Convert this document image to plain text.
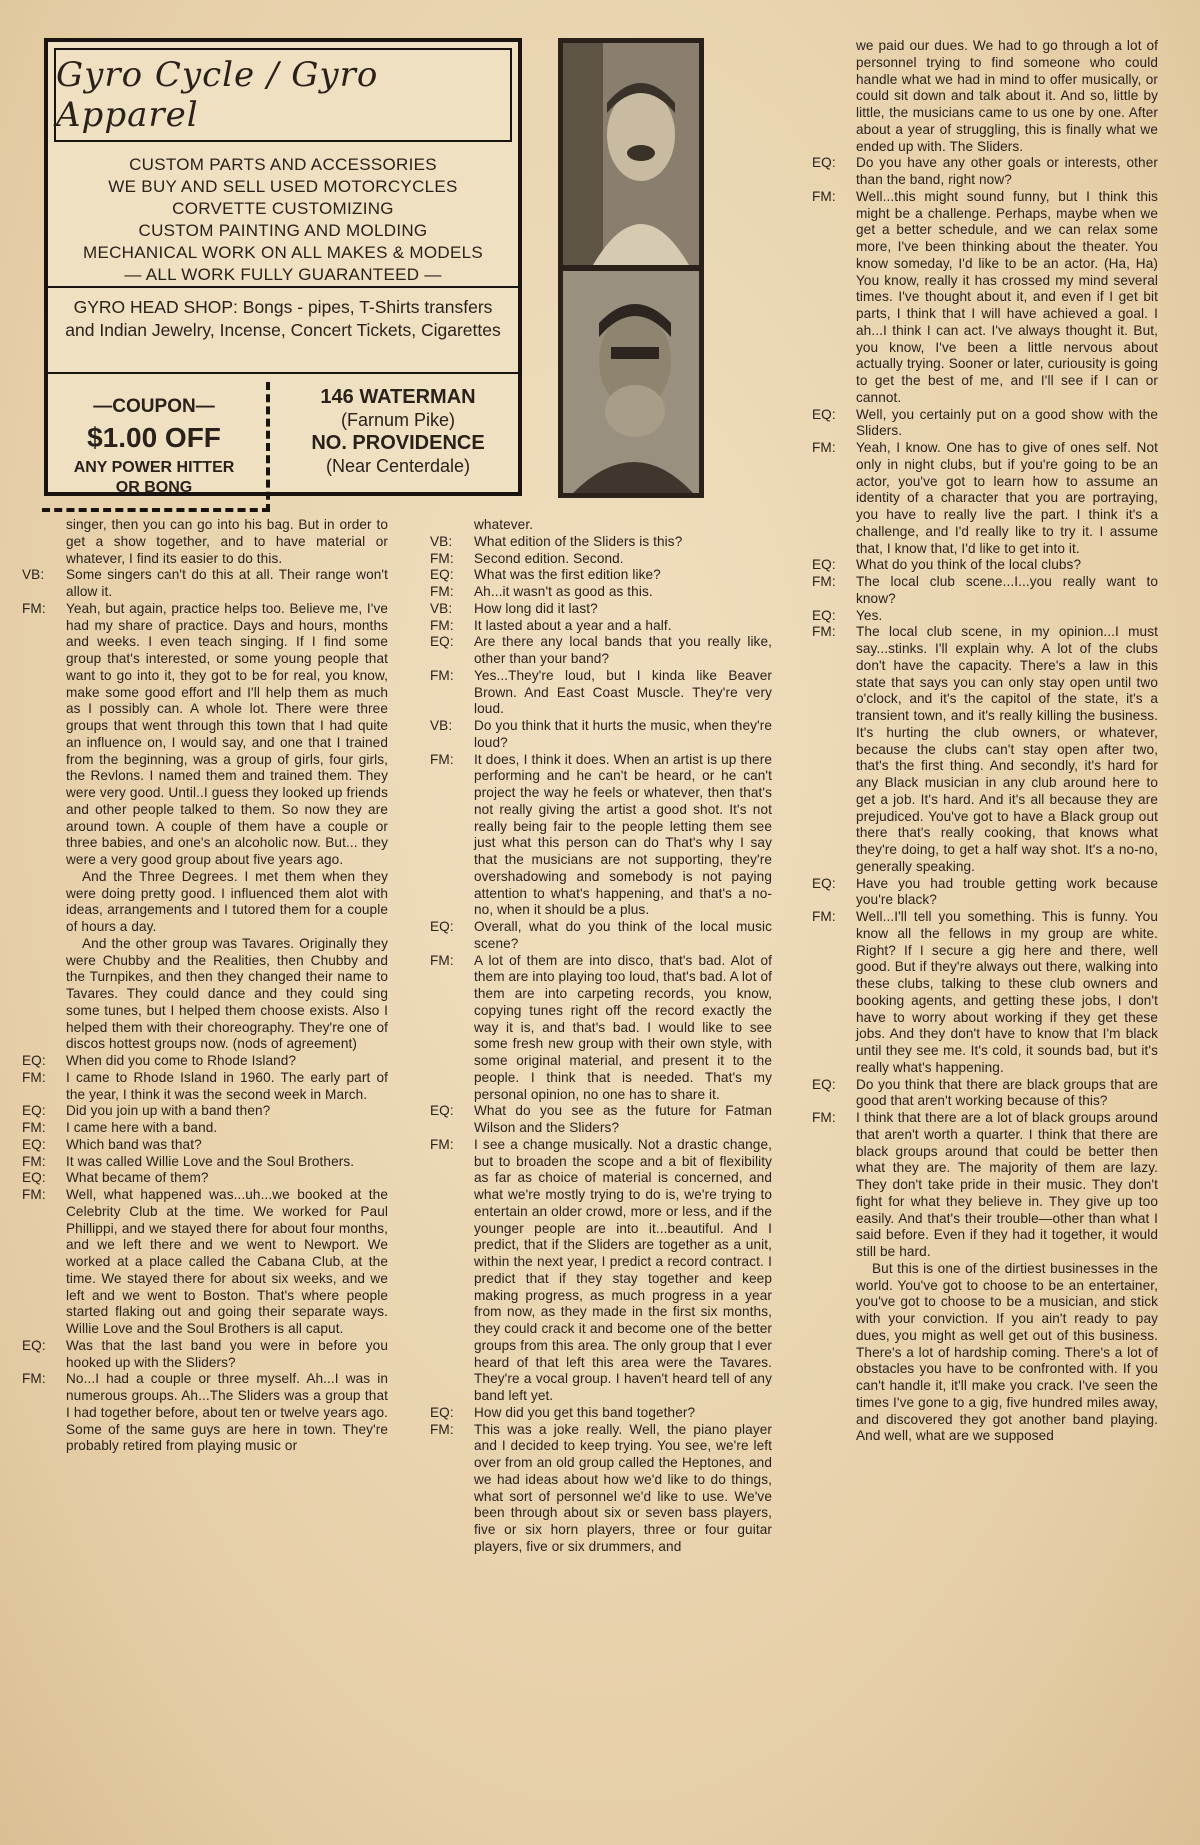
Gyro Cycle / Gyro Apparel
CUSTOM PARTS AND ACCESSORIES
WE BUY AND SELL USED MOTORCYCLES
CORVETTE CUSTOMIZING
CUSTOM PAINTING AND MOLDING
MECHANICAL WORK ON ALL MAKES & MODELS
— ALL WORK FULLY GUARANTEED —
GYRO HEAD SHOP: Bongs - pipes, T-Shirts transfers and Indian Jewelry, Incense, Concert Tickets, Cigarettes
—COUPON—
$1.00 OFF
ANY POWER HITTER
OR BONG
146 WATERMAN
(Farnum Pike)
NO. PROVIDENCE
(Near Centerdale)

singer, then you can go into his bag. But in order to get a show together, and to have material or whatever, I find its easier to do this.

VB:	Some singers can't do this at all. Their range won't allow it.

FM:	Yeah, but again, practice helps too. Believe me, I've had my share of practice. Days and hours, months and weeks. I even teach singing. If I find some group that's interested, or some young people that want to go into it, they got to be for real, you know, make some good effort and I'll help them as much as I possibly can. A whole lot. There were three groups that went through this town that I had quite an influence on, I would say, and one that I trained from the beginning, was a group of girls, four girls, the Revlons. I named them and trained them. They were very good. Until..I guess they looked up friends and other people talked to them. So now they are around town. A couple of them have a couple or three babies, and one's an alcoholic now. But... they were a very good group about five years ago.

And the Three Degrees. I met them when they were doing pretty good. I influenced them alot with ideas, arrangements and I tutored them for a couple of hours a day.

And the other group was Tavares. Originally they were Chubby and the Realities, then Chubby and the Turnpikes, and then they changed their name to Tavares. They could dance and they could sing some tunes, but I helped them choose exists. Also I helped them with their choreography. They're one of discos hottest groups now. (nods of agreement)

EQ:	When did you come to Rhode Island?

FM:	I came to Rhode Island in 1960. The early part of the year, I think it was the second week in March.

EQ:	Did you join up with a band then?

FM:	I came here with a band.

EQ:	Which band was that?

FM:	It was called Willie Love and the Soul Brothers.

EQ:	What became of them?

FM:	Well, what happened was...uh...we booked at the Celebrity Club at the time. We worked for Paul Phillippi, and we stayed there for about four months, and we left there and we went to Newport. We worked at a place called the Cabana Club, at the time. We stayed there for about six weeks, and we left and we went to Boston. That's where people started flaking out and going their separate ways. Willie Love and the Soul Brothers is all caput.

EQ:	Was that the last band you were in before you hooked up with the Sliders?

FM:	No...I had a couple or three myself. Ah...I was in numerous groups. Ah...The Sliders was a group that I had together before, about ten or twelve years ago. Some of the same guys are here in town. They're probably retired from playing music or

whatever.

VB:	What edition of the Sliders is this?

FM:	Second edition. Second.

EQ:	What was the first edition like?

FM:	Ah...it wasn't as good as this.

VB:	How long did it last?

FM:	It lasted about a year and a half.

EQ:	Are there any local bands that you really like, other than your band?

FM:	Yes...They're loud, but I kinda like Beaver Brown. And East Coast Muscle. They're very loud.

VB:	Do you think that it hurts the music, when they're loud?

FM:	It does, I think it does. When an artist is up there performing and he can't be heard, or he can't project the way he feels or whatever, then that's not really giving the artist a good shot. It's not really being fair to the people letting them see just what this person can do That's why I say that the musicians are not supporting, they're overshadowing and somebody is not paying attention to what's happening, and that's a no-no, when it should be a plus.

EQ:	Overall, what do you think of the local music scene?

FM:	A lot of them are into disco, that's bad. Alot of them are into playing too loud, that's bad. A lot of them are into carpeting records, you know, copying tunes right off the record exactly the way it is, and that's bad. I would like to see some fresh new group with their own style, with some original material, and present it to the people. I think that is needed. That's my personal opinion, no one has to share it.

EQ:	What do you see as the future for Fatman Wilson and the Sliders?

FM:	I see a change musically. Not a drastic change, but to broaden the scope and a bit of flexibility as far as choice of material is concerned, and what we're mostly trying to do is, we're trying to entertain an older crowd, more or less, and if the younger people are into it...beautiful. And I predict, that if the Sliders are together as a unit, within the next year, I predict a record contract. I predict that if they stay together and keep making progress, as much progress in a year from now, as they made in the first six months, they could crack it and become one of the better groups from this area. The only group that I ever heard of that left this area were the Tavares. They're a vocal group. I haven't heard tell of any band left yet.

EQ:	How did you get this band together?

FM:	This was a joke really. Well, the piano player and I decided to keep trying. You see, we're left over from an old group called the Heptones, and we had ideas about how we'd like to do things, what sort of personnel we'd like to use. We've been through about six or seven bass players, five or six horn players, three or four guitar players, five or six drummers, and

we paid our dues. We had to go through a lot of personnel trying to find someone who could handle what we had in mind to offer musically, or could sit down and talk about it. And so, little by little, the musicians came to us one by one. After about a year of struggling, this is finally what we ended up with. The Sliders.

EQ:	Do you have any other goals or interests, other than the band, right now?

FM:	Well...this might sound funny, but I think this might be a challenge. Perhaps, maybe when we get a better schedule, and we can relax some more, I've been thinking about the theater. You know someday, I'd like to be an actor. (Ha, Ha) You know, really it has crossed my mind several times. I've thought about it, and even if I get bit parts, I think that I will have achieved a goal. I ah...I think I can act. I've always thought it. But, you know, I've been a little nervous about actually trying. Sooner or later, curiousity is going to get the best of me, and I'll see if I can or cannot.

EQ:	Well, you certainly put on a good show with the Sliders.

FM:	Yeah, I know. One has to give of ones self. Not only in night clubs, but if you're going to be an actor, you've got to learn how to assume an identity of a character that you are portraying, you have to really live the part. I think it's a challenge, and I'd really like to try it. I assume that, I know that, I'd like to get into it.

EQ:	What do you think of the local clubs?

FM:	The local club scene...I...you really want to know?

EQ:	Yes.

FM:	The local club scene, in my opinion...I must say...stinks. I'll explain why. A lot of the clubs don't have the capacity. There's a law in this state that says you can only stay open until two o'clock, and it's the capitol of the state, it's a transient town, and it's really killing the business. It's hurting the club owners, or whatever, because the clubs can't stay open after two, that's the first thing. And secondly, it's hard for any Black musician in any club around here to get a job. It's hard. And it's all because they are prejudiced. You've got to have a Black group out there that's really cooking, that knows what they're doing, to get a half way shot. It's a no-no, generally speaking.

EQ:	Have you had trouble getting work because you're black?

FM:	Well...I'll tell you something. This is funny. You know all the fellows in my group are white. Right? If I secure a gig here and there, well good. But if they're always out there, walking into these clubs, talking to these club owners and booking agents, and getting these jobs, I don't have to worry about working if they get these jobs. And they don't have to know that I'm black until they see me. It's cold, it sounds bad, but it's really what's happening.

EQ:	Do you think that there are black groups that are good that aren't working because of this?

FM:	I think that there are a lot of black groups around that aren't worth a quarter. I think that there are black groups around that could be better then what they are. The majority of them are lazy. They don't take pride in their music. They don't fight for what they believe in. They give up too easily. And that's their trouble—other than what I said before. Even if they had it together, it would still be hard.

But this is one of the dirtiest businesses in the world. You've got to choose to be an entertainer, you've got to choose to be a musician, and stick with your conviction. If you ain't ready to pay dues, you might as well get out of this business. There's a lot of hardship coming. There's a lot of obstacles you have to be confronted with. If you can't handle it, it'll make you crack. I've seen the times I've gone to a gig, five hundred miles away, and discovered they got another band playing. And well, what are we supposed
